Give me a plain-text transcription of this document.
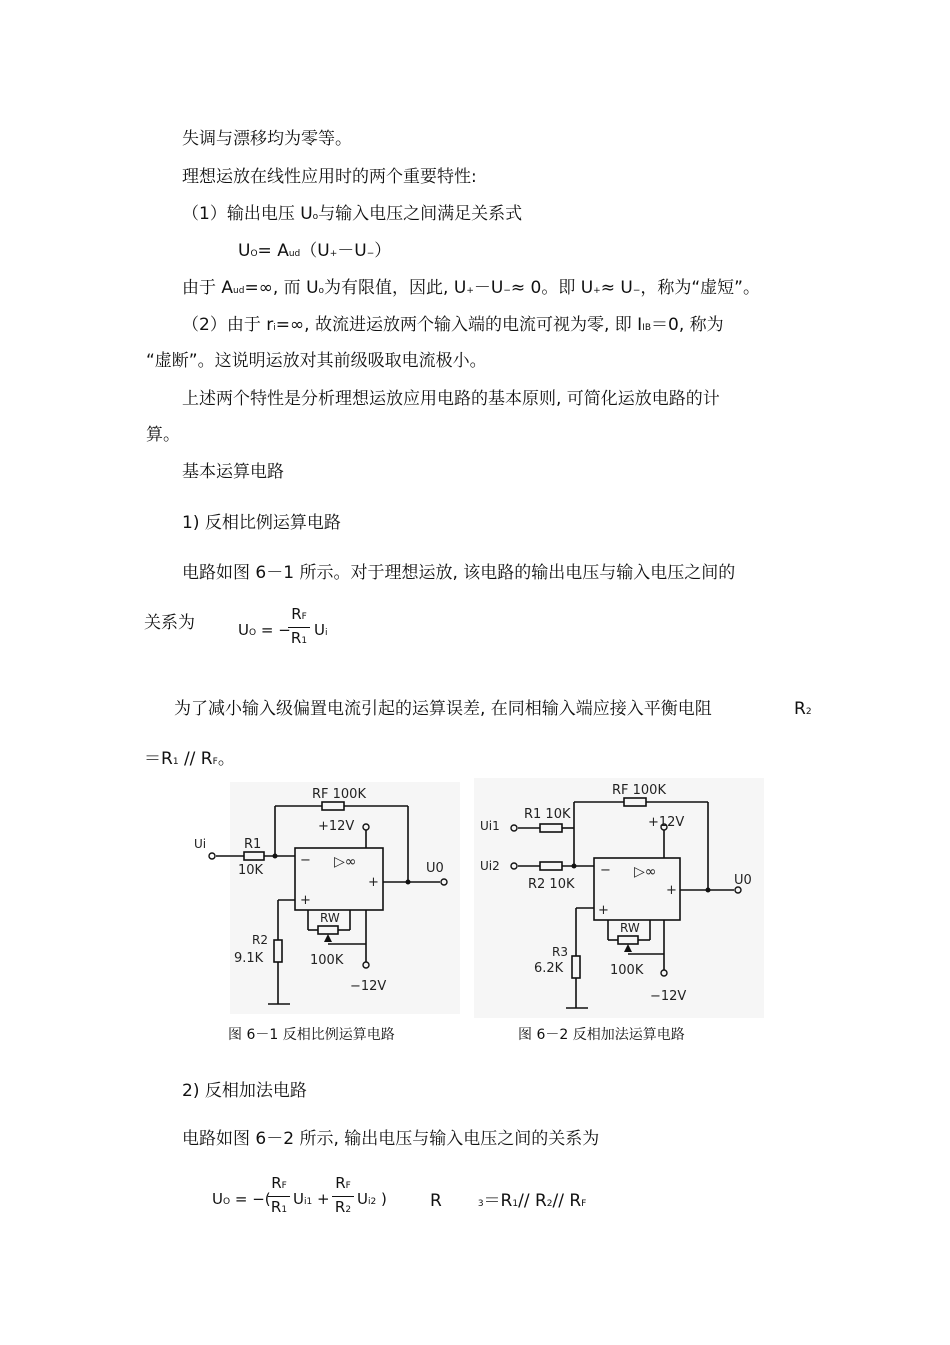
失调与漂移均为零等。
理想运放在线性应用时的两个重要特性:
（1）输出电压 Uo与输入电压之间满足关系式
UO= Aud（U+－U−）
由于 Aud=∞, 而 Uo为有限值，因此, U+－U−≈ 0。即 U+≈ U−，称为“虚短”。
（2）由于 ri=∞, 故流进运放两个输入端的电流可视为零, 即 IIB＝0, 称为
“虚断”。这说明运放对其前级吸取电流极小。
上述两个特性是分析理想运放应用电路的基本原则, 可简化运放电路的计
算。
基本运算电路
1) 反相比例运算电路
电路如图 6－1 所示。对于理想运放, 该电路的输出电压与输入电压之间的
关系为	UO = −
RF
R1
Ui
为了减小输入级偏置电流引起的运算误差, 在同相输入端应接入平衡电阻	R2
＝R1 // RF。
Ui	R1
10K
RF 100K
+12V
− ▷∞
+
+
U0
RW
100K
R2
9.1K
−12V
Ui1
Ui2
R1 10K
R2 10K
RF 100K
+12V
− ▷∞
+
+
U0
RW
100K
R3
6.2K
−12V
图 6－1 反相比例运算电路	图 6－2 反相加法运算电路
2) 反相加法电路
电路如图 6－2 所示, 输出电压与输入电压之间的关系为
UO = −(
RF
R1
Ui1 +
RF
R2
Ui2 )	R	3＝R1// R2// RF
